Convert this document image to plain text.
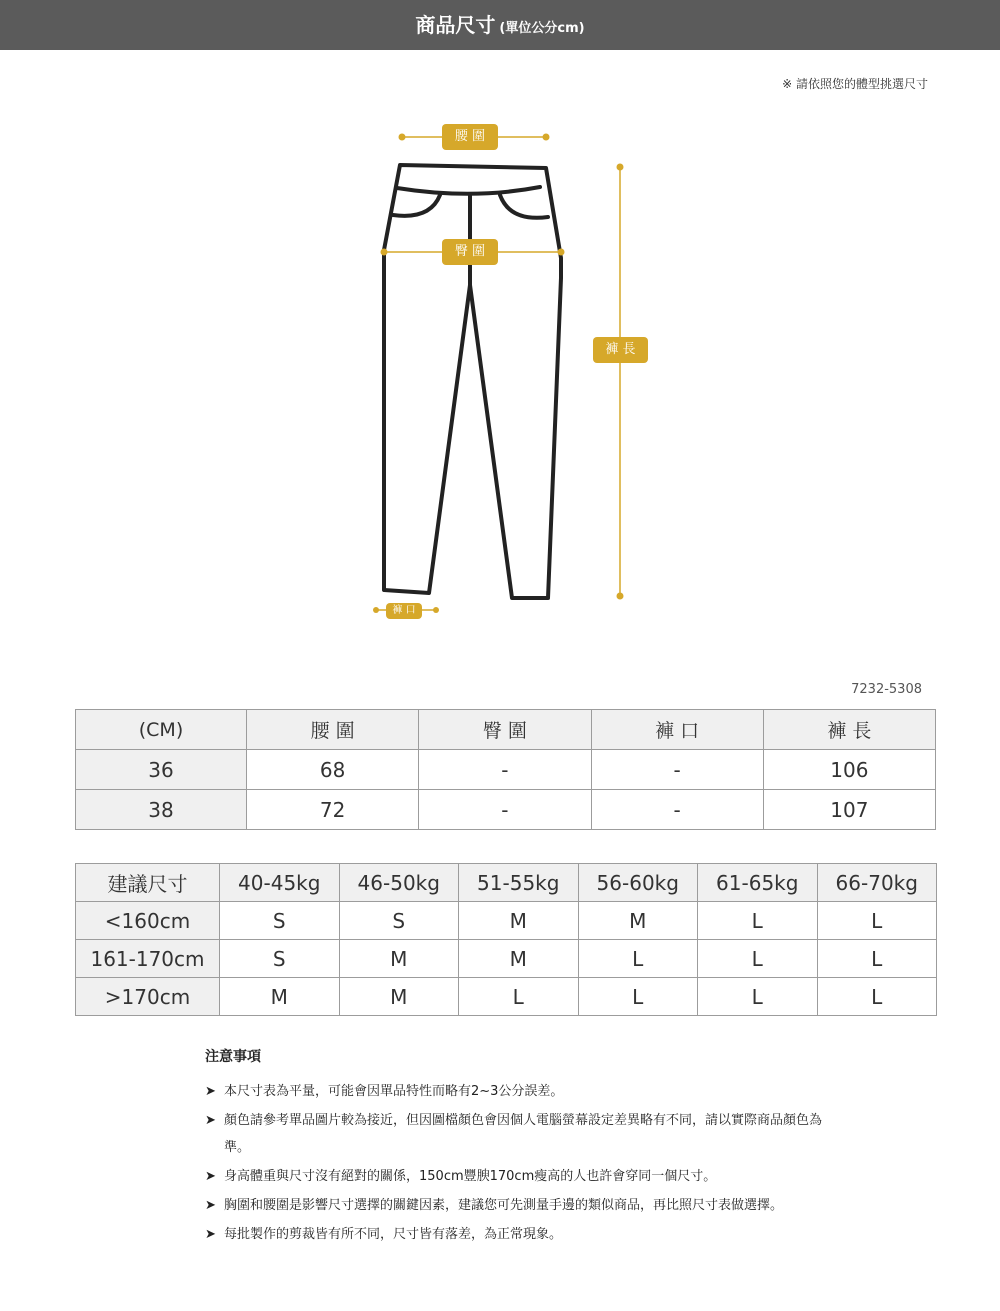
商品尺寸 (單位公分cm)
※ 請依照您的體型挑選尺寸
腰 圍
臀 圍
褲 長
褲 口
7232-5308
(CM)	腰 圍	臀 圍	褲 口	褲 長
36	68	-	-	106
38	72	-	-	107
建議尺寸	40-45kg	46-50kg	51-55kg	56-60kg	61-65kg	66-70kg
<160cm	S	S	M	M	L	L
161-170cm	S	M	M	L	L	L
>170cm	M	M	L	L	L	L
注意事項
➤ 本尺寸表為平量，可能會因單品特性而略有2~3公分誤差。
➤ 顏色請參考單品圖片較為接近，但因圖檔顏色會因個人電腦螢幕設定差異略有不同，請以實際商品顏色為準。
➤ 身高體重與尺寸沒有絕對的關係，150cm豐腴170cm瘦高的人也許會穿同一個尺寸。
➤ 胸圍和腰圍是影響尺寸選擇的關鍵因素，建議您可先測量手邊的類似商品，再比照尺寸表做選擇。
➤ 每批製作的剪裁皆有所不同，尺寸皆有落差，為正常現象。
